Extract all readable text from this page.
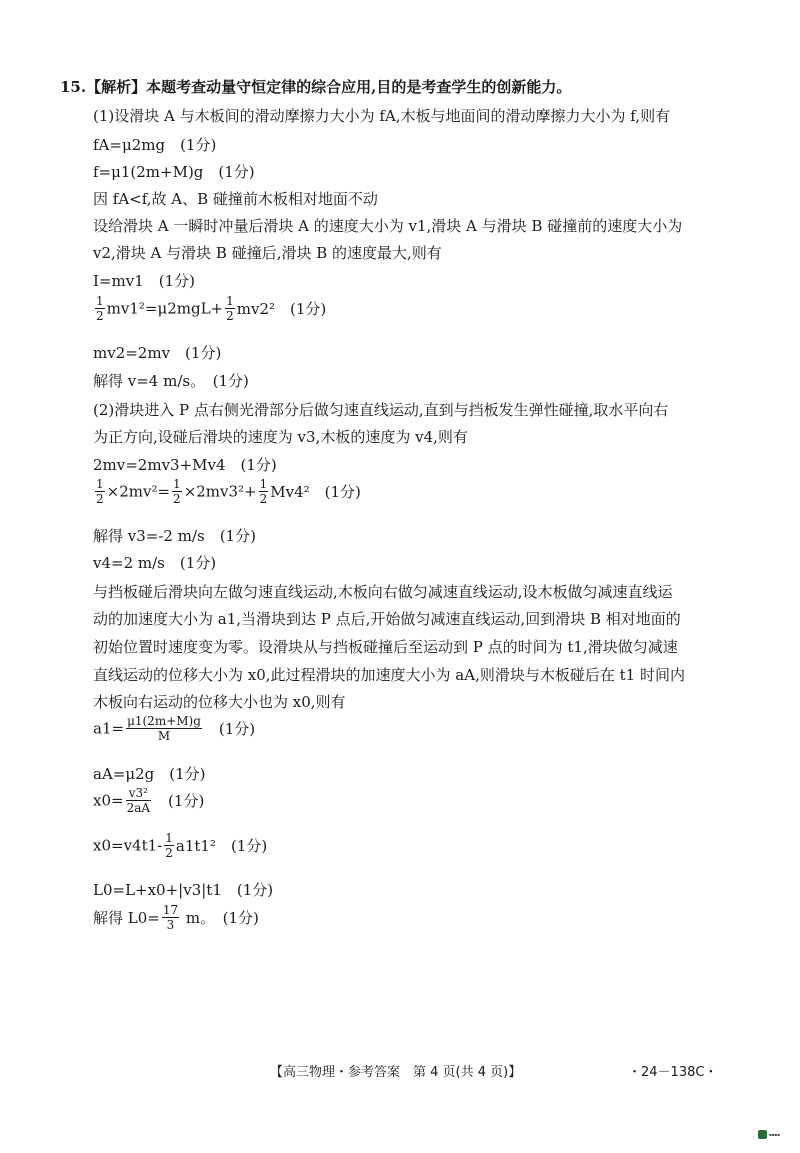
15.【解析】本题考查动量守恒定律的综合应用,目的是考查学生的创新能力。
(1)设滑块 A 与木板间的滑动摩擦力大小为 fA,木板与地面间的滑动摩擦力大小为 f,则有
fA=μ2mg　(1分)
f=μ1(2m+M)g　(1分)
因 fA<f,故 A、B 碰撞前木板相对地面不动
设给滑块 A 一瞬时冲量后滑块 A 的速度大小为 v1,滑块 A 与滑块 B 碰撞前的速度大小为
v2,滑块 A 与滑块 B 碰撞后,滑块 B 的速度最大,则有
I=mv1　(1分)
$\frac{1}{2} mv1^2=\mu 2mgL+ \frac{1}{2} mv2^2$　(1分)
mv2=2mv　(1分)
解得 v=4 m/s。　(1分)
(2)滑块进入 P 点右侧光滑部分后做匀速直线运动,直到与挡板发生弹性碰撞,取水平向右
为正方向,设碰后滑块的速度为 v3,木板的速度为 v4,则有
2mv=2mv3+Mv4　(1分)
$\frac{1}{2} \times 2mv^2= \frac{1}{2} \times 2mv3^2+ \frac{1}{2} Mv4^2$　(1分)
解得 v3=-2 m/s　(1分)
v4=2 m/s　(1分)
与挡板碰后滑块向左做匀速直线运动,木板向右做匀减速直线运动,设木板做匀减速直线运
动的加速度大小为 a1,当滑块到达 P 点后,开始做匀减速直线运动,回到滑块 B 相对地面的
初始位置时速度变为零。设滑块从与挡板碰撞后至运动到 P 点的时间为 t1,滑块做匀减速
直线运动的位移大小为 x0,此过程滑块的加速度大小为 aA,则滑块与木板碰后在 t1 时间内
木板向右运动的位移大小也为 x0,则有
$a1= \frac{\mu 1(2m+M)g}{M}$ 　(1分)
aA=μ2g　(1分)
$x0= \frac{\text{v3²}}{2aA}$ 　(1分)
$x0=v4t1- \frac{1}{2} a1t1^2$　(1分)
L0=L+x0+|v3|t1　(1分)
解得 $L0= \frac{17}{3}$ m。　(1分)
【高三物理・参考答案　第 4 页(共 4 页)】	・24－138C・
▪▪▪▪
